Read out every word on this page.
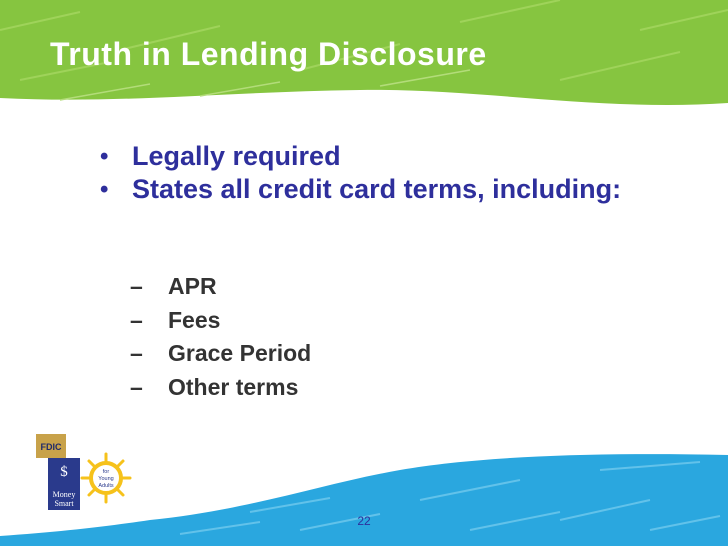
Truth in Lending Disclosure
• Legally required
• States all credit card terms, including:
– APR
– Fees
– Grace Period
– Other terms
22
FDIC
$
Money
Smart
for
Young
Adults
